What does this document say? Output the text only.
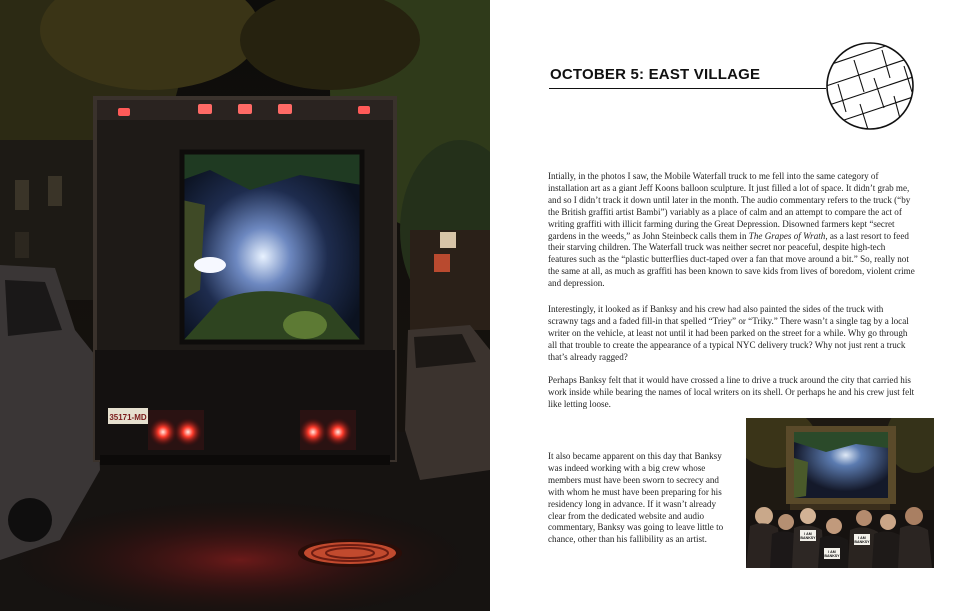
35171-MD
OCTOBER 5: EAST VILLAGE

Intially, in the photos I saw, the Mobile Waterfall truck to me fell into the same category of installation art as a giant Jeff Koons balloon sculpture. It just filled a lot of space. It didn’t grab me, and so I didn’t track it down until later in the month. The audio commentary refers to the truck (“by the British graffiti artist Bambi”) variably as a place of calm and an attempt to compare the act of writing graffiti with illicit farming during the Great Depression. Disowned farmers kept “secret gardens in the weeds,” as John Steinbeck calls them in The Grapes of Wrath, as a last resort to feed their starving children. The Waterfall truck was neither secret nor peaceful, despite high-tech features such as the “plastic butterflies duct-taped over a fan that move around a bit.” So, really not the same at all, as much as graffiti has been known to save kids from lives of boredom, violent crime and depression.

Interestingly, it looked as if Banksy and his crew had also painted the sides of the truck with scrawny tags and a faded fill-in that spelled “Triey” or “Triky.” There wasn’t a single tag by a local writer on the vehicle, at least not until it had been parked on the street for a while. Why go through all that trouble to create the appearance of a typical NYC delivery truck? Why not just rent a truck that’s already ragged?

Perhaps Banksy felt that it would have crossed a line to drive a truck around the city that carried his work inside while bearing the names of local writers on its shell. Or perhaps he and his crew just felt like letting loose.

It also became apparent on this day that Banksy was indeed working with a big crew whose members must have been sworn to secrecy and with whom he must have been preparing for his residency long in advance. If it wasn’t already clear from the dedicated website and audio commentary, Banksy was going to leave little to chance, other than his fallibility as an artist.

I AM
BANKSY	I AM
BANKSY
I AM
BANKSY
